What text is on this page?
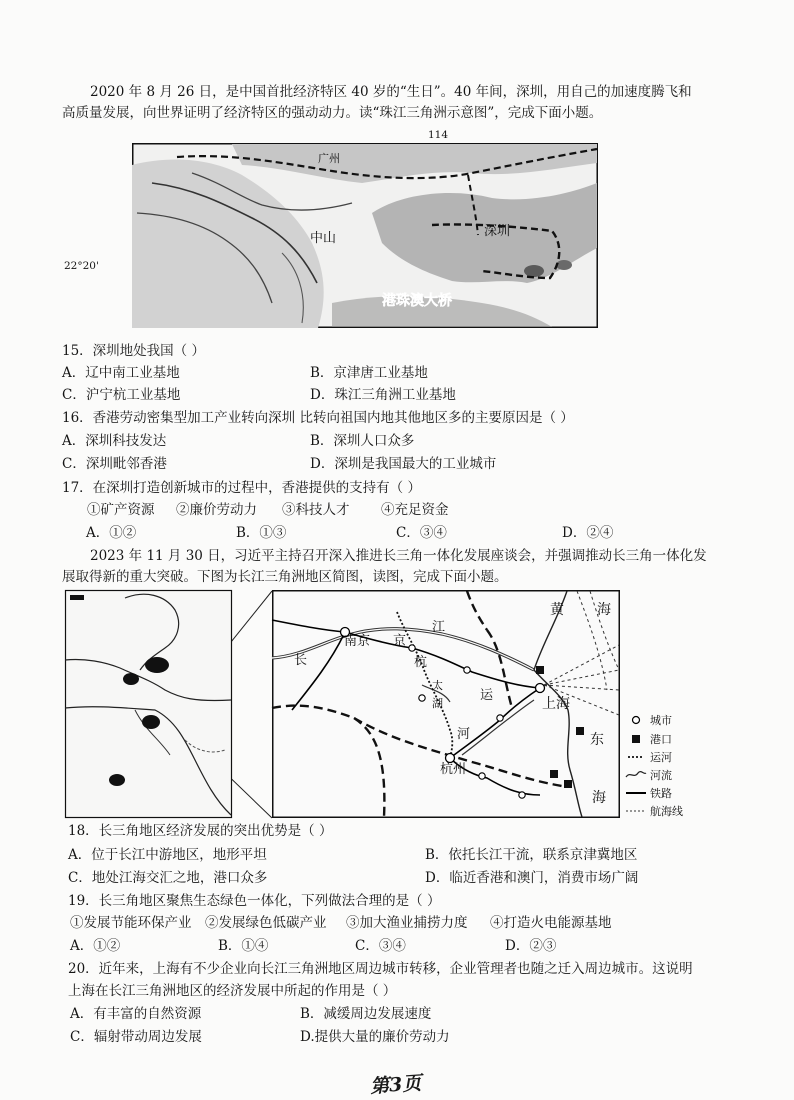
2020 年 8 月 26 日，是中国首批经济特区 40 岁的“生日”。40 年间，深圳，用自己的加速度腾飞和
高质量发展，向世界证明了经济特区的强动动力。读“珠江三角洲示意图”，完成下面小题。
114
22°20'
广州
中山	深圳
港珠澳大桥
15．深圳地处我国（ ）
A．辽中南工业基地	B．京津唐工业基地
C．沪宁杭工业基地	D．珠江三角洲工业基地
16．香港劳动密集型加工产业转向深圳 比转向祖国内地其他地区多的主要原因是（ ）
A．深圳科技发达	B．深圳人口众多
C．深圳毗邻香港	D．深圳是我国最大的工业城市
17．在深圳打造创新城市的过程中，香港提供的支持有（ ）
①矿产资源 ②廉价劳动力 ③科技人才 ④充足资金
A．①②	B．①③	C．③④	D．②④
2023 年 11 月 30 日，习近平主持召开深入推进长三角一体化发展座谈会，并强调推动长三角一体化发
展取得新的重大突破。下图为长江三角洲地区简图，读图，完成下面小题。
黄 海
江
南京 京
长	杭
太
湖
运
上海
东
河
杭州
海
城市
港口
运河
河流
铁路
航海线
18．长三角地区经济发展的突出优势是（ ）
A．位于长江中游地区，地形平坦	B．依托长江干流，联系京津冀地区
C．地处江海交汇之地，港口众多	D．临近香港和澳门，消费市场广阔
19．长三角地区聚焦生态绿色一体化，下列做法合理的是（ ）
①发展节能环保产业 ②发展绿色低碳产业 ③加大渔业捕捞力度 ④打造火电能源基地
A．①②	B．①④	C．③④	D．②③
20．近年来，上海有不少企业向长江三角洲地区周边城市转移，企业管理者也随之迁入周边城市。这说明
上海在长江三角洲地区的经济发展中所起的作用是（ ）
A．有丰富的自然资源	B．减缓周边发展速度
C．辐射带动周边发展	D.提供大量的廉价劳动力
第3页
